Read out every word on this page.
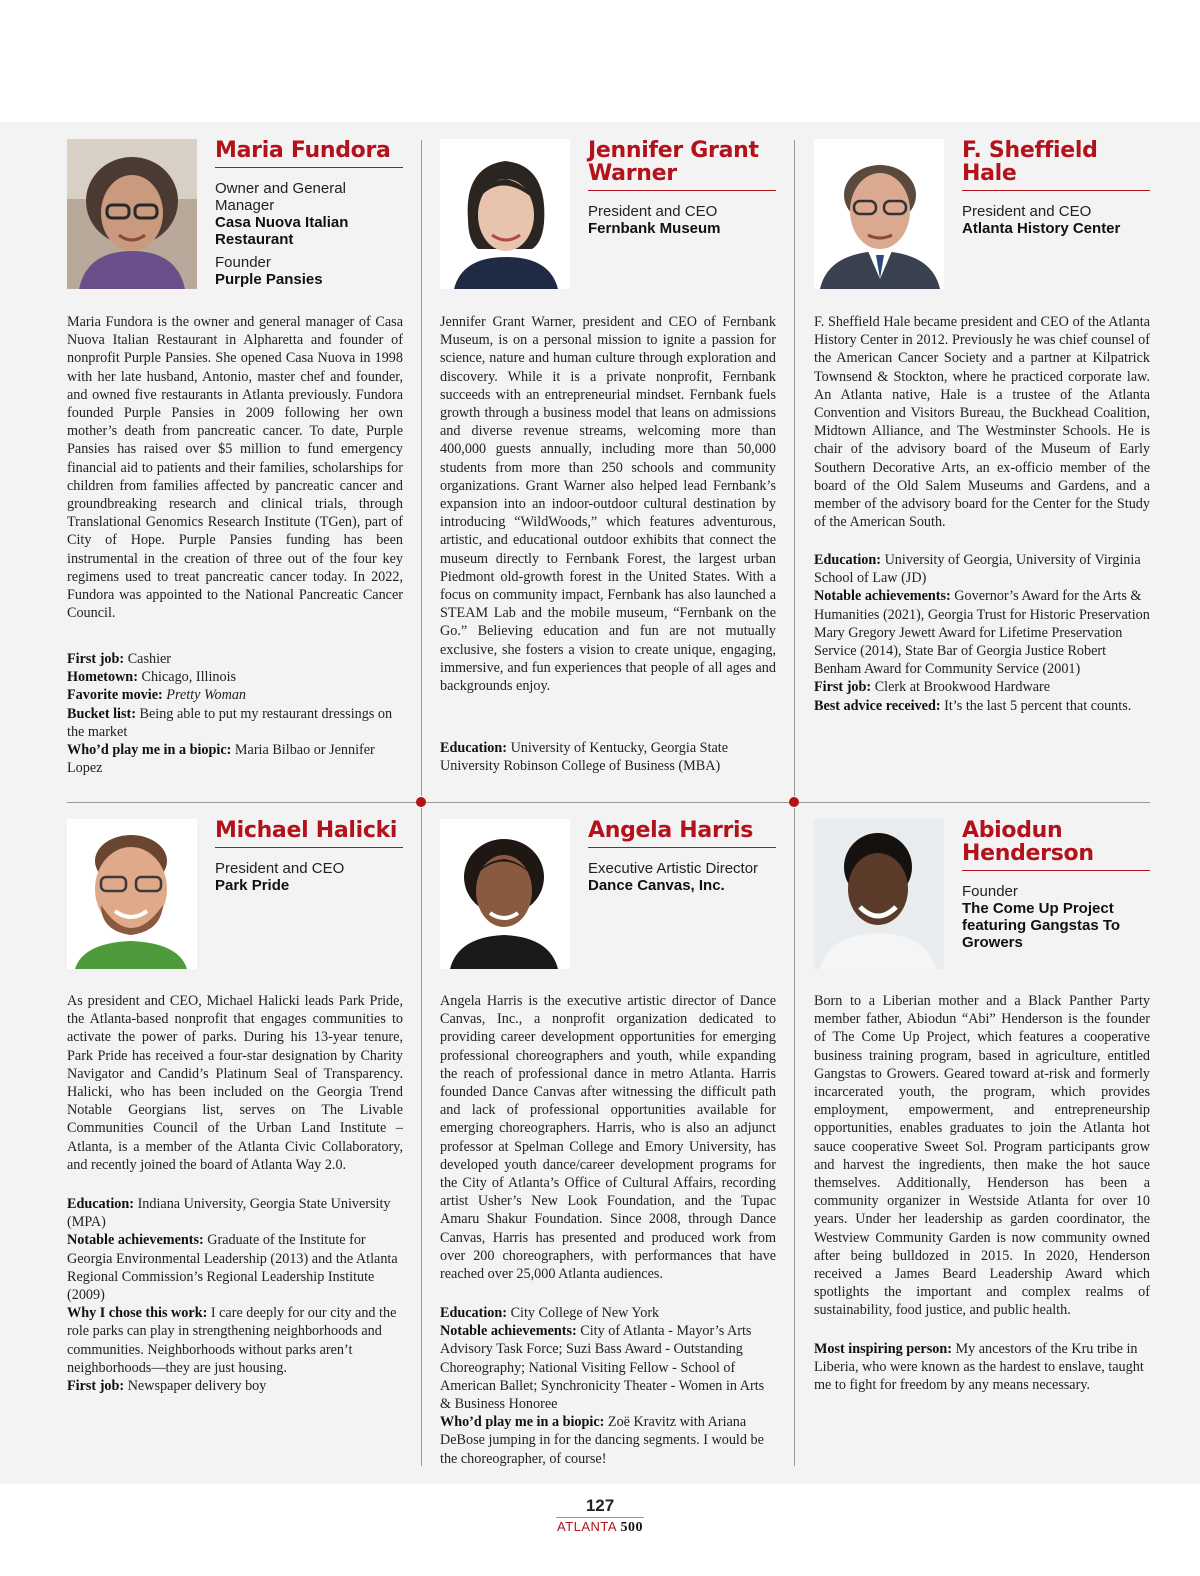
Maria Fundora
Owner and General Manager
Casa Nuova Italian Restaurant
Founder
Purple Pansies
Maria Fundora is the owner and general manager of Casa Nuova Italian Restaurant in Alpharetta and founder of nonprofit Purple Pansies. She opened Casa Nuova in 1998 with her late husband, Antonio, master chef and founder, and owned five restaurants in Atlanta previously. Fundora founded Purple Pansies in 2009 following her own mother’s death from pancreatic cancer. To date, Purple Pansies has raised over $5 million to fund emergency financial aid to patients and their families, scholarships for children from families affected by pancreatic cancer and groundbreaking research and clinical trials, through Translational Genomics Research Institute (TGen), part of City of Hope. Purple Pansies funding has been instrumental in the creation of three out of the four key regimens used to treat pancreatic cancer today. In 2022, Fundora was appointed to the National Pancreatic Cancer Council.

First job: Cashier

Hometown: Chicago, Illinois

Favorite movie: Pretty Woman

Bucket list: Being able to put my restaurant dressings on the market

Who’d play me in a biopic: Maria Bilbao or Jennifer Lopez

Jennifer Grant Warner
President and CEO
Fernbank Museum
Jennifer Grant Warner, president and CEO of Fernbank Museum, is on a personal mission to ignite a passion for science, nature and human culture through exploration and discovery. While it is a private nonprofit, Fernbank succeeds with an entrepreneurial mindset. Fernbank fuels growth through a business model that leans on admissions and diverse revenue streams, welcoming more than 400,000 guests annually, including more than 50,000 students from more than 250 schools and community organizations. Grant Warner also helped lead Fernbank’s expansion into an indoor-outdoor cultural destination by introducing “WildWoods,” which features adventurous, artistic, and educational outdoor exhibits that connect the museum directly to Fernbank Forest, the largest urban Piedmont old-growth forest in the United States. With a focus on community impact, Fernbank has also launched a STEAM Lab and the mobile museum, “Fernbank on the Go.” Believing education and fun are not mutually exclusive, she fosters a vision to create unique, engaging, immersive, and fun experiences that people of all ages and backgrounds enjoy.

Education: University of Kentucky, Georgia State University Robinson College of Business (MBA)

F. Sheffield Hale
President and CEO
Atlanta History Center
F. Sheffield Hale became president and CEO of the Atlanta History Center in 2012. Previously he was chief counsel of the American Cancer Society and a partner at Kilpatrick Townsend & Stockton, where he practiced corporate law. An Atlanta native, Hale is a trustee of the Atlanta Convention and Visitors Bureau, the Buckhead Coalition, Midtown Alliance, and The Westminster Schools. He is chair of the advisory board of the Museum of Early Southern Decorative Arts, an ex-officio member of the board of the Old Salem Museums and Gardens, and a member of the advisory board for the Center for the Study of the American South.

Education: University of Georgia, University of Virginia School of Law (JD)

Notable achievements: Governor’s Award for the Arts & Humanities (2021), Georgia Trust for Historic Preservation Mary Gregory Jewett Award for Lifetime Preservation Service (2014), State Bar of Georgia Justice Robert Benham Award for Community Service (2001)

First job: Clerk at Brookwood Hardware

Best advice received: It’s the last 5 percent that counts.

Michael Halicki
President and CEO
Park Pride
As president and CEO, Michael Halicki leads Park Pride, the Atlanta-based nonprofit that engages communities to activate the power of parks. During his 13-year tenure, Park Pride has received a four-star designation by Charity Navigator and Candid’s Platinum Seal of Transparency. Halicki, who has been included on the Georgia Trend Notable Georgians list, serves on The Livable Communities Council of the Urban Land Institute – Atlanta, is a member of the Atlanta Civic Collaboratory, and recently joined the board of Atlanta Way 2.0.

Education: Indiana University, Georgia State University (MPA)

Notable achievements: Graduate of the Institute for Georgia Environmental Leadership (2013) and the Atlanta Regional Commission’s Regional Leadership Institute (2009)

Why I chose this work: I care deeply for our city and the role parks can play in strengthening neighborhoods and communities. Neighborhoods without parks aren’t neighborhoods—they are just housing.

First job: Newspaper delivery boy

Angela Harris
Executive Artistic Director
Dance Canvas, Inc.
Angela Harris is the executive artistic director of Dance Canvas, Inc., a nonprofit organization dedicated to providing career development opportunities for emerging professional choreographers and youth, while expanding the reach of professional dance in metro Atlanta. Harris founded Dance Canvas after witnessing the difficult path and lack of professional opportunities available for emerging choreographers. Harris, who is also an adjunct professor at Spelman College and Emory University, has developed youth dance/career development programs for the City of Atlanta’s Office of Cultural Affairs, recording artist Usher’s New Look Foundation, and the Tupac Amaru Shakur Foundation. Since 2008, through Dance Canvas, Harris has presented and produced work from over 200 choreographers, with performances that have reached over 25,000 Atlanta audiences.

Education: City College of New York

Notable achievements: City of Atlanta - Mayor’s Arts Advisory Task Force; Suzi Bass Award - Outstanding Choreography; National Visiting Fellow - School of American Ballet; Synchronicity Theater - Women in Arts & Business Honoree

Who’d play me in a biopic: Zoë Kravitz with Ariana DeBose jumping in for the dancing segments. I would be the choreographer, of course!

Abiodun Henderson
Founder
The Come Up Project featuring Gangstas To Growers
Born to a Liberian mother and a Black Panther Party member father, Abiodun “Abi” Henderson is the founder of The Come Up Project, which features a cooperative business training program, based in agriculture, entitled Gangstas to Growers. Geared toward at-risk and formerly incarcerated youth, the program, which provides employment, empowerment, and entrepreneurship opportunities, enables graduates to join the Atlanta hot sauce cooperative Sweet Sol. Program participants grow and harvest the ingredients, then make the hot sauce themselves. Additionally, Henderson has been a community organizer in Westside Atlanta for over 10 years. Under her leadership as garden coordinator, the Westview Community Garden is now community owned after being bulldozed in 2015. In 2020, Henderson received a James Beard Leadership Award which spotlights the important and complex realms of sustainability, food justice, and public health.

Most inspiring person: My ancestors of the Kru tribe in Liberia, who were known as the hardest to enslave, taught me to fight for freedom by any means necessary.

127
ATLANTA 500
